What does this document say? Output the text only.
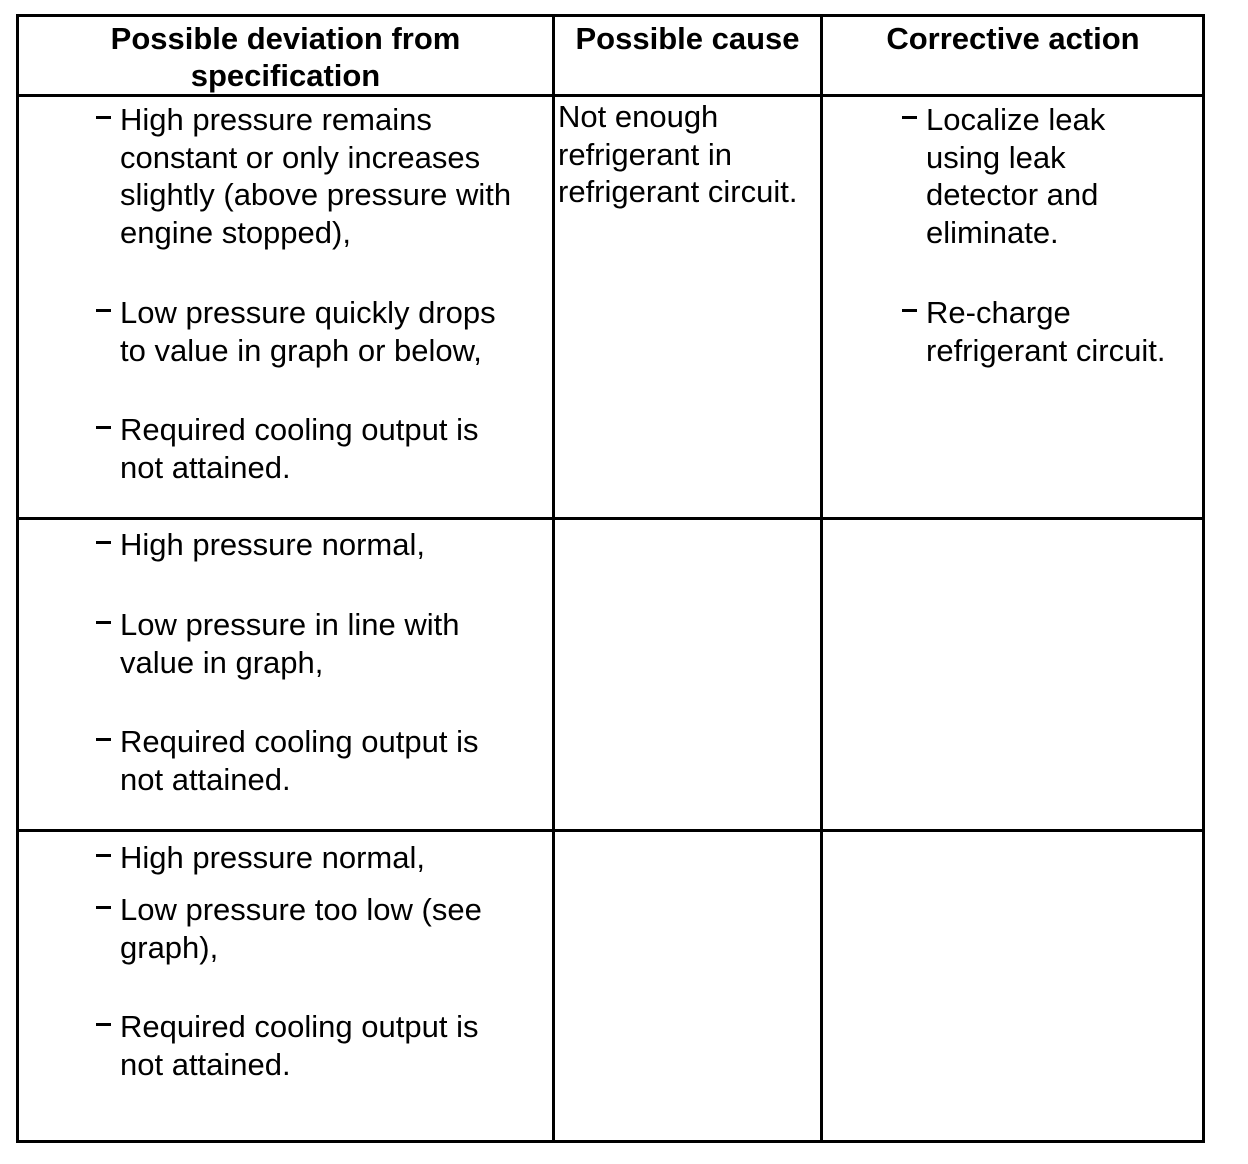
Possible deviation from
specification
Possible cause	Corrective action
High pressure remains
constant or only increases
slightly (above pressure with
engine stopped),
Low pressure quickly drops
to value in graph or below,
Required cooling output is
not attained.
Not enough
refrigerant in
refrigerant circuit.
Localize leak
using leak
detector and
eliminate.
Re-charge
refrigerant circuit.
High pressure normal,
Low pressure in line with
value in graph,
Required cooling output is
not attained.
High pressure normal,
Low pressure too low (see
graph),
Required cooling output is
not attained.
